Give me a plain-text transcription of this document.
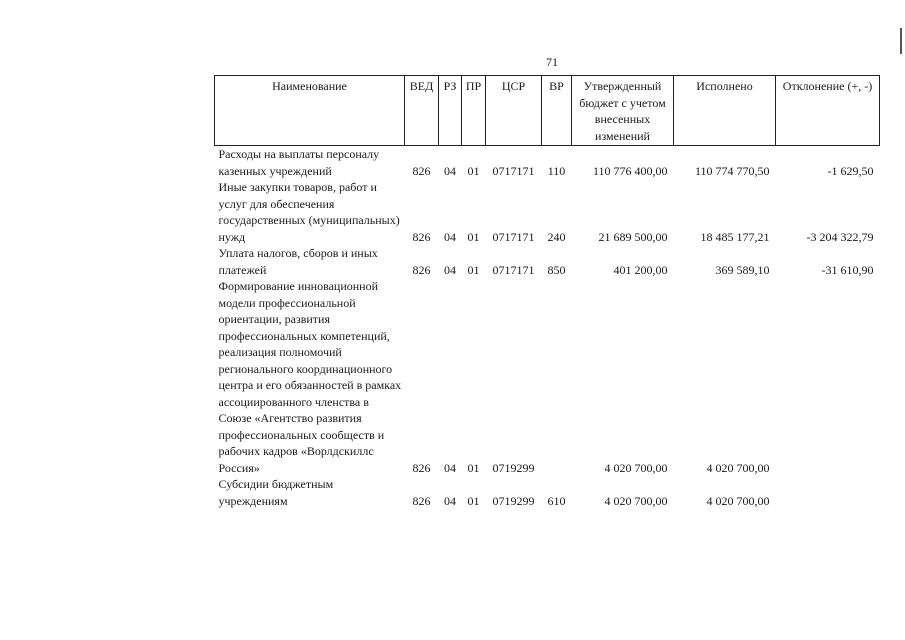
71
Наименование	ВЕД	РЗ	ПР	ЦСР	ВР	Утвержденный бюджет с учетом внесенных изменений	Исполнено	Отклонение (+, -)
Расходы на выплаты персоналу казенных учреждений	826	04	01	0717171	110	110 776 400,00	110 774 770,50	-1 629,50
Иные закупки товаров, работ и услуг для обеспечения государственных (муниципальных) нужд	826	04	01	0717171	240	21 689 500,00	18 485 177,21	-3 204 322,79
Уплата налогов, сборов и иных платежей	826	04	01	0717171	850	401 200,00	369 589,10	-31 610,90
Формирование инновационной модели профессиональной ориентации, развития профессиональных компетенций, реализация полномочий регионального координационного центра и его обязанностей в рамках ассоциированного членства в Союзе «Агентство развития профессиональных сообществ и рабочих кадров «Ворлдскиллс Россия»	826	04	01	0719299		4 020 700,00	4 020 700,00	
Субсидии бюджетным учреждениям	826	04	01	0719299	610	4 020 700,00	4 020 700,00	
